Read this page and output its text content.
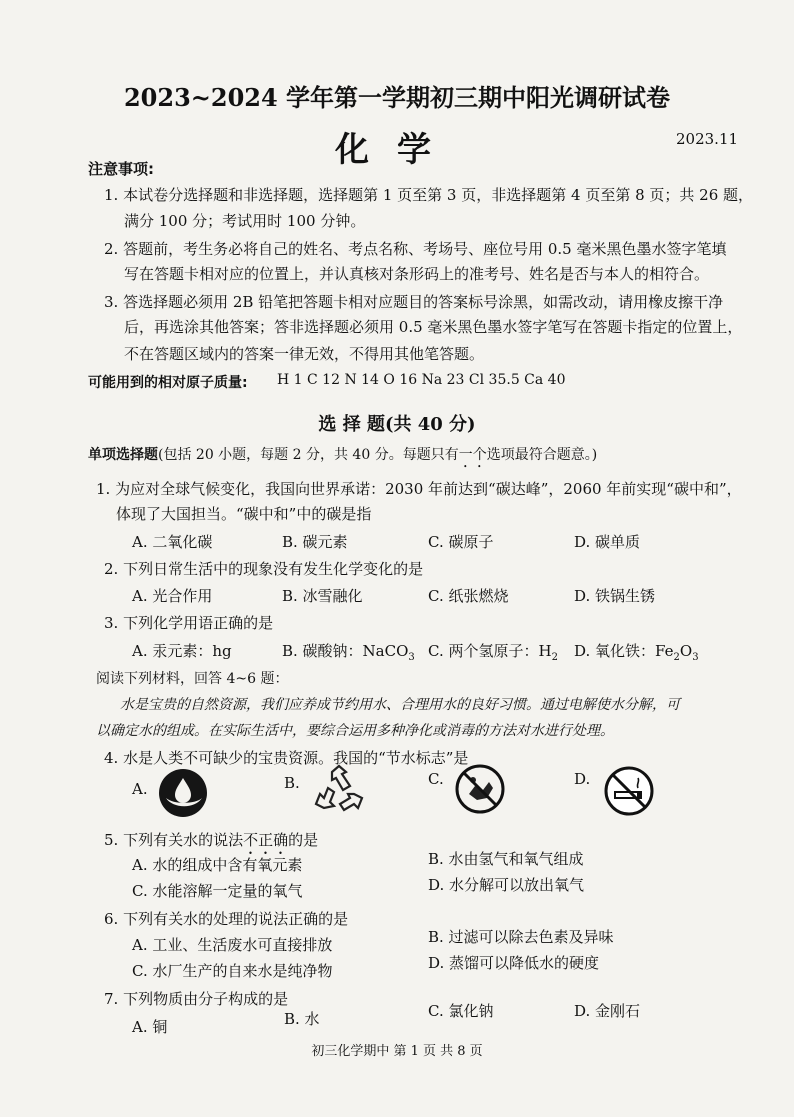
2023~2024 学年第一学期初三期中阳光调研试卷
化学	2023.11
注意事项:
1. 本试卷分选择题和非选择题，选择题第 1 页至第 3 页，非选择题第 4 页至第 8 页；共 26 题，
满分 100 分；考试用时 100 分钟。
2. 答题前，考生务必将自己的姓名、考点名称、考场号、座位号用 0.5 毫米黑色墨水签字笔填
写在答题卡相对应的位置上，并认真核对条形码上的准考号、姓名是否与本人的相符合。
3. 答选择题必须用 2B 铅笔把答题卡相对应题目的答案标号涂黑，如需改动，请用橡皮擦干净
后，再选涂其他答案；答非选择题必须用 0.5 毫米黑色墨水签字笔写在答题卡指定的位置上，
不在答题区域内的答案一律无效，不得用其他笔答题。
可能用到的相对原子质量: H 1 C 12 N 14 O 16 Na 23 Cl 35.5 Ca 40
选 择 题(共 40 分)
单项选择题(包括 20 小题，每题 2 分，共 40 分。每题只有一个选项最符合题意。)
1. 为应对全球气候变化，我国向世界承诺：2030 年前达到“碳达峰”，2060 年前实现“碳中和”，
体现了大国担当。“碳中和”中的碳是指
A. 二氧化碳	B. 碳元素	C. 碳原子	D. 碳单质
2. 下列日常生活中的现象没有发生化学变化的是
A. 光合作用	B. 冰雪融化	C. 纸张燃烧	D. 铁锅生锈
3. 下列化学用语正确的是
A. 汞元素：hg	B. 碳酸钠：NaCO$_3$ C. 两个氢原子：$H_2$ D. 氧化铁：$Fe_2O_3$
阅读下列材料，回答 4~6 题：
水是宝贵的自然资源，我们应养成节约用水、合理用水的良好习惯。通过电解使水分解，可
以确定水的组成。在实际生活中，要综合运用多种净化或消毒的方法对水进行处理。
4. 水是人类不可缺少的宝贵资源。我国的“节水标志”是
A.	B.	C.	D.
5. 下列有关水的说法不正确的是
A. 水的组成中含有氧元素	B. 水由氢气和氧气组成
C. 水能溶解一定量的氧气	D. 水分解可以放出氧气
6. 下列有关水的处理的说法正确的是
A. 工业、生活废水可直接排放	B. 过滤可以除去色素及异味
C. 水厂生产的自来水是纯净物	D. 蒸馏可以降低水的硬度
7. 下列物质由分子构成的是
A. 铜	B. 水	C. 氯化钠	D. 金刚石
初三化学期中 第 1 页 共 8 页
